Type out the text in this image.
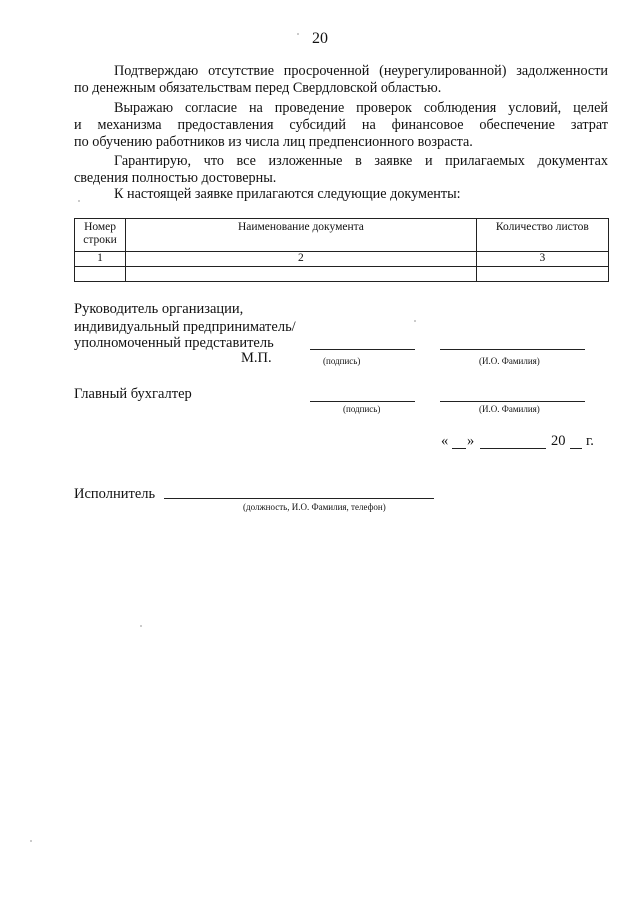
20
Подтверждаю отсутствие просроченной (неурегулированной) задолженности
по денежным обязательствам перед Свердловской областью.
Выражаю согласие на проведение проверок соблюдения условий, целей
и механизма предоставления субсидий на финансовое обеспечение затрат
по обучению работников из числа лиц предпенсионного возраста.
Гарантирую, что все изложенные в заявке и прилагаемых документах
сведения полностью достоверны.
К настоящей заявке прилагаются следующие документы:
Номер строки	Наименование документа	Количество листов
1	2	3

Руководитель организации,
индивидуальный предприниматель/
уполномоченный представитель
М.П.	(подпись)	(И.О. Фамилия)
Главный бухгалтер
(подпись)	(И.О. Фамилия)
« »	20 г.
Исполнитель
(должность, И.О. Фамилия, телефон)
